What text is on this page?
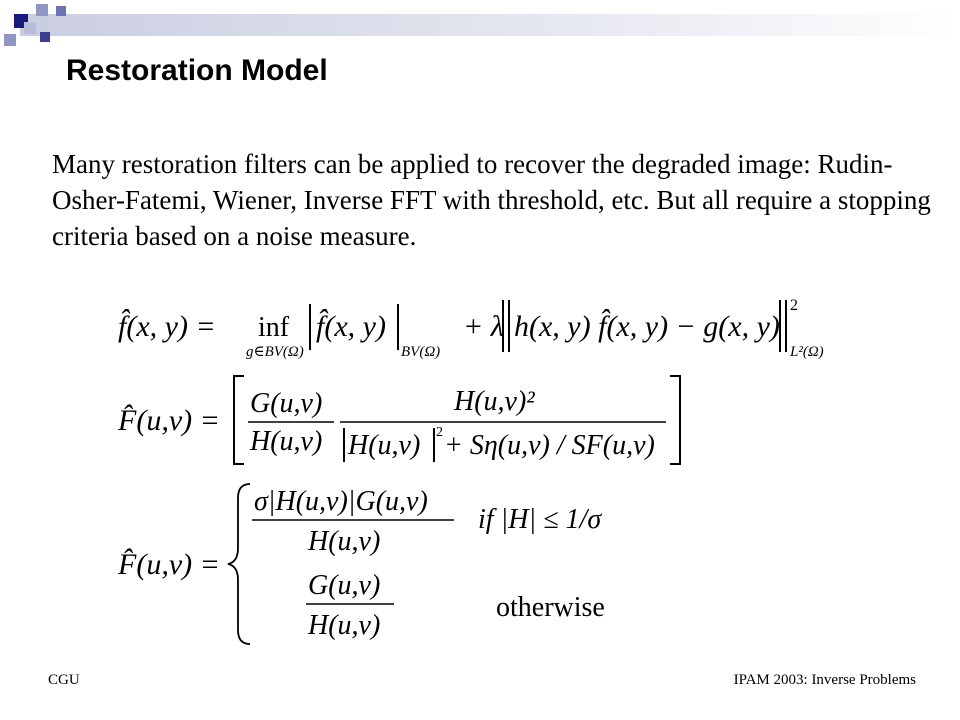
Restoration Model

Many restoration filters can be applied to recover the degraded image: Rudin-Osher-Fatemi, Wiener, Inverse FFT with threshold, etc. But all require a stopping criteria based on a noise measure.

f̂(x, y) = inf
g∈BV(Ω)
f̂(x, y)
BV(Ω)
+ λ h(x, y) f̂(x, y) − g(x, y)
2
L²(Ω)
F̂(u,v) =
G(u,v)
H(u,v)
H(u,v)²
H(u,v) 2 + Sη(u,v) / SF(u,v)
F̂(u,v) =
σ|H(u,v)|G(u,v)
H(u,v)
if |H| ≤ 1/σ
G(u,v)
H(u,v)
otherwise
CGU	IPAM 2003: Inverse Problems
